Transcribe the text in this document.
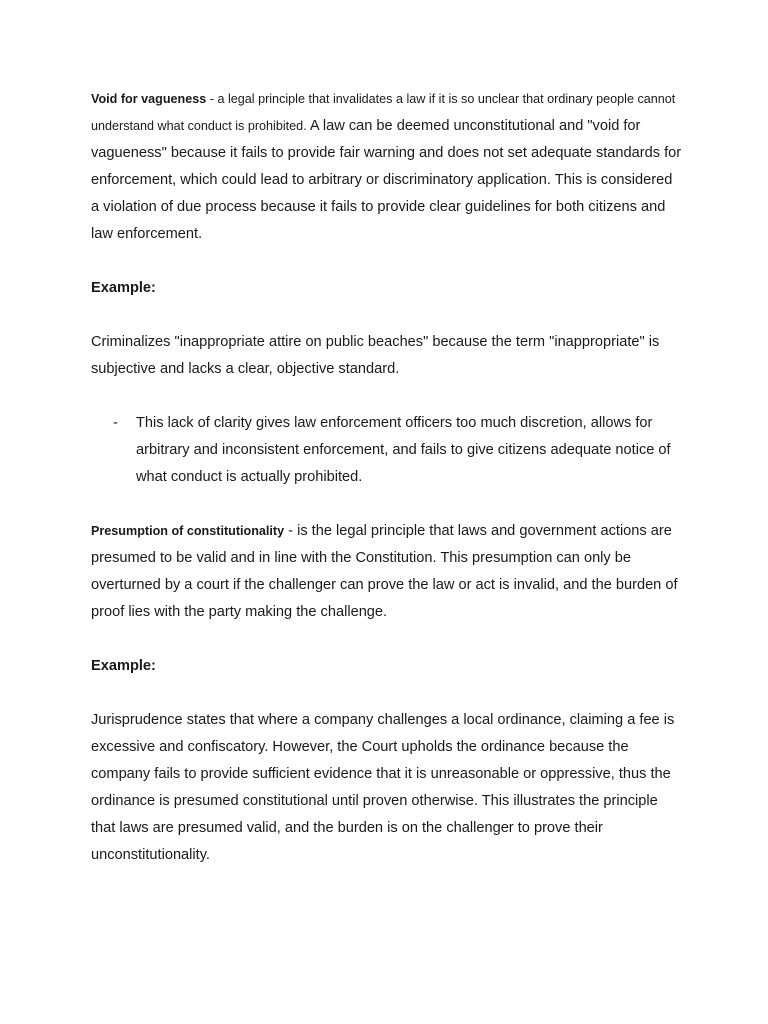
Void for vagueness - a legal principle that invalidates a law if it is so unclear that ordinary people cannot understand what conduct is prohibited. A law can be deemed unconstitutional and "void for vagueness" because it fails to provide fair warning and does not set adequate standards for enforcement, which could lead to arbitrary or discriminatory application. This is considered a violation of due process because it fails to provide clear guidelines for both citizens and law enforcement.

Example:

Criminalizes "inappropriate attire on public beaches" because the term "inappropriate" is subjective and lacks a clear, objective standard.

-	This lack of clarity gives law enforcement officers too much discretion, allows for arbitrary and inconsistent enforcement, and fails to give citizens adequate notice of what conduct is actually prohibited.

Presumption of constitutionality - is the legal principle that laws and government actions are presumed to be valid and in line with the Constitution. This presumption can only be overturned by a court if the challenger can prove the law or act is invalid, and the burden of proof lies with the party making the challenge.

Example:

Jurisprudence states that where a company challenges a local ordinance, claiming a fee is excessive and confiscatory. However, the Court upholds the ordinance because the company fails to provide sufficient evidence that it is unreasonable or oppressive, thus the ordinance is presumed constitutional until proven otherwise. This illustrates the principle that laws are presumed valid, and the burden is on the challenger to prove their unconstitutionality.
